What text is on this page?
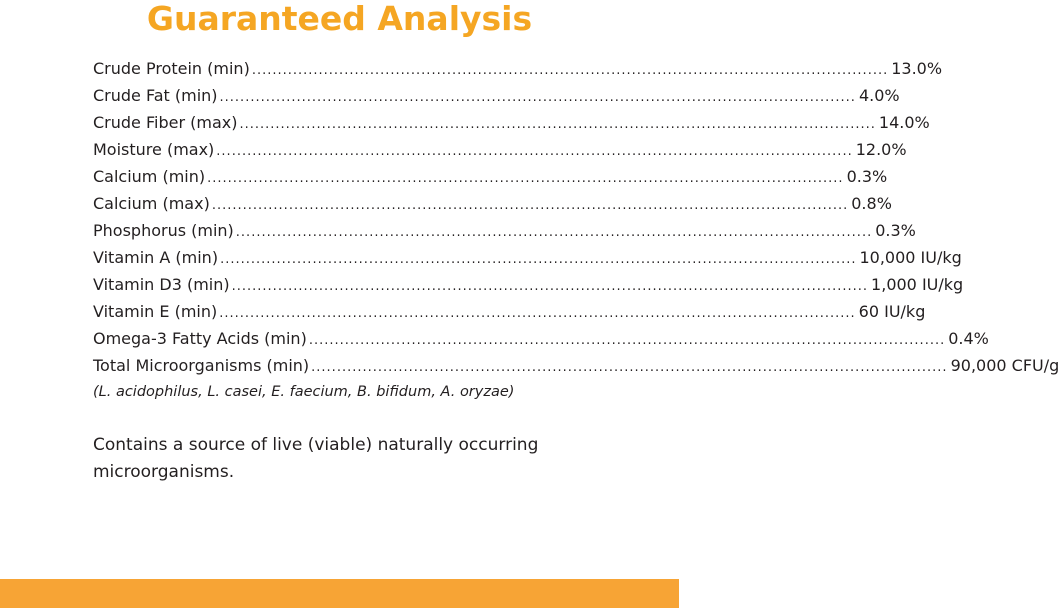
Guaranteed Analysis
Crude Protein (min) ............................................................................................................................ 13.0%
Crude Fat (min) ............................................................................................................................ 4.0%
Crude Fiber (max) ............................................................................................................................ 14.0%
Moisture (max) ............................................................................................................................ 12.0%
Calcium (min) ............................................................................................................................ 0.3%
Calcium (max) ............................................................................................................................ 0.8%
Phosphorus (min) ............................................................................................................................ 0.3%
Vitamin A (min) ............................................................................................................................ 10,000 IU/kg
Vitamin D3 (min) ............................................................................................................................ 1,000 IU/kg
Vitamin E (min) ............................................................................................................................ 60 IU/kg
Omega-3 Fatty Acids (min) ............................................................................................................................ 0.4%
Total Microorganisms (min) ............................................................................................................................ 90,000 CFU/g
(L. acidophilus, L. casei, E. faecium, B. bifidum, A. oryzae)
Contains a source of live (viable) naturally occurring microorganisms.
